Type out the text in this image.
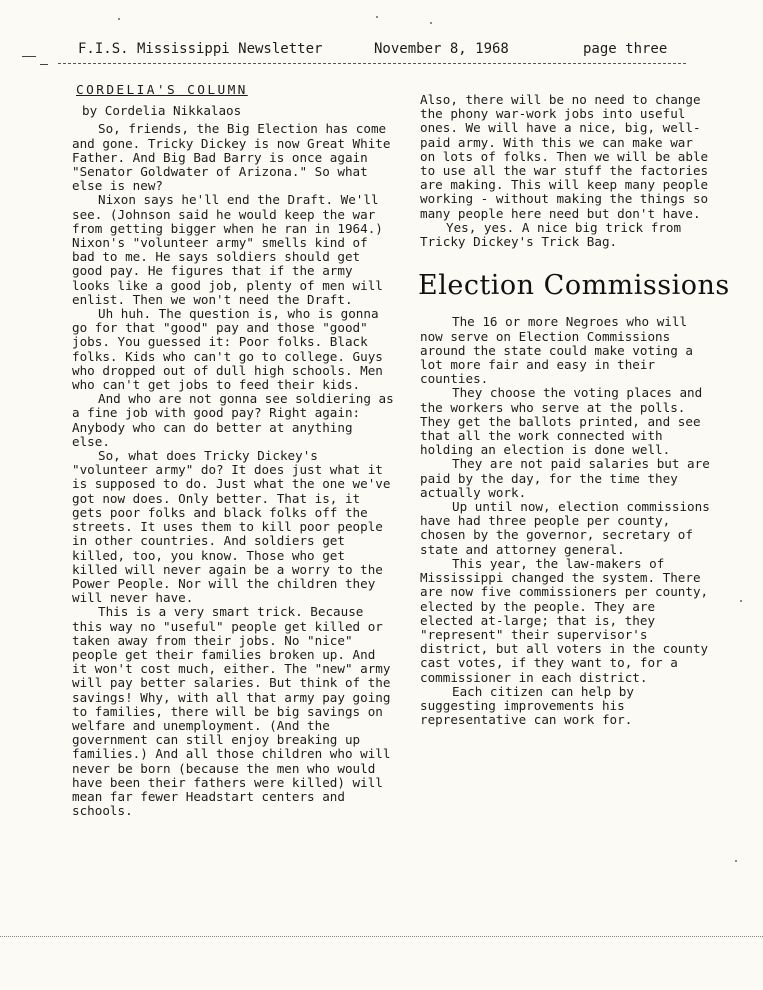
F.I.S. Mississippi Newsletter

	November 8, 1968

	page three

CORDELIA'S COLUMN
by Cordelia Nikkalaos

So, friends, the Big Election has come and gone. Tricky Dickey is now Great White Father. And Big Bad Barry is once again "Senator Goldwater of Arizona." So what else is new?

Nixon says he'll end the Draft. We'll see. (Johnson said he would keep the war from getting bigger when he ran in 1964.) Nixon's "volunteer army" smells kind of bad to me. He says soldiers should get good pay. He figures that if the army looks like a good job, plenty of men will enlist. Then we won't need the Draft.

Uh huh. The question is, who is gonna go for that "good" pay and those "good" jobs. You guessed it: Poor folks. Black folks. Kids who can't go to college. Guys who dropped out of dull high schools. Men who can't get jobs to feed their kids.

And who are not gonna see soldiering as a fine job with good pay? Right again: Anybody who can do better at anything else.

So, what does Tricky Dickey's "volunteer army" do? It does just what it is supposed to do. Just what the one we've got now does. Only better. That is, it gets poor folks and black folks off the streets. It uses them to kill poor people in other countries. And soldiers get killed, too, you know. Those who get killed will never again be a worry to the Power People. Nor will the children they will never have.

This is a very smart trick. Because this way no "useful" people get killed or taken away from their jobs. No "nice" people get their families broken up. And it won't cost much, either. The "new" army will pay better salaries. But think of the savings! Why, with all that army pay going to families, there will be big savings on welfare and unemployment. (And the government can still enjoy breaking up families.) And all those children who will never be born (because the men who would have been their fathers were killed) will mean far fewer Headstart centers and schools.

Also, there will be no need to change the phony war-work jobs into useful ones. We will have a nice, big, well-paid army. With this we can make war on lots of folks. Then we will be able to use all the war stuff the factories are making. This will keep many people working - without making the things so many people here need but don't have.

Yes, yes. A nice big trick from Tricky Dickey's Trick Bag.

Election Commissions

The 16 or more Negroes who will now serve on Election Commissions around the state could make voting a lot more fair and easy in their counties.

They choose the voting places and the workers who serve at the polls. They get the ballots printed, and see that all the work connected with holding an election is done well.

They are not paid salaries but are paid by the day, for the time they actually work.

Up until now, election commissions have had three people per county, chosen by the governor, secretary of state and attorney general.

This year, the law-makers of Mississippi changed the system. There are now five commissioners per county, elected by the people. They are elected at-large; that is, they "represent" their supervisor's district, but all voters in the county cast votes, if they want to, for a commissioner in each district.

Each citizen can help by suggesting improvements his representative can work for.
